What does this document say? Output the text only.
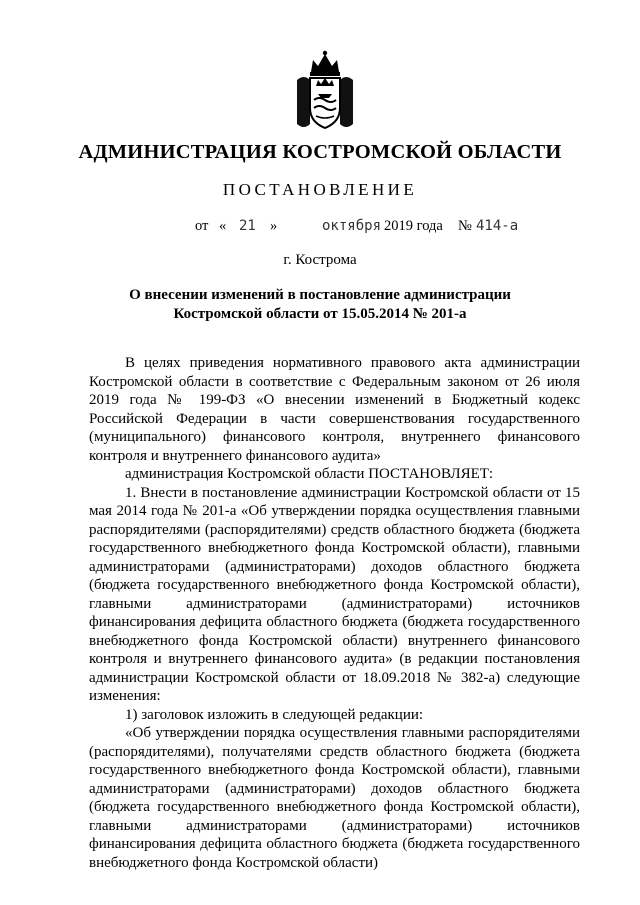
АДМИНИСТРАЦИЯ КОСТРОМСКОЙ ОБЛАСТИ
ПОСТАНОВЛЕНИЕ
от « 21 »	октября 2019 года № 414-а
г. Кострома
О внесении изменений в постановление администрации
Костромской области от 15.05.2014 № 201-а

В целях приведения нормативного правового акта администрации Костромской области в соответствие с Федеральным законом от 26 июля 2019 года № 199-ФЗ «О внесении изменений в Бюджетный кодекс Российской Федерации в части совершенствования государственного (муниципального) финансового контроля, внутреннего финансового контроля и внутреннего финансового аудита»

администрация Костромской области ПОСТАНОВЛЯЕТ:

1. Внести в постановление администрации Костромской области от 15 мая 2014 года № 201-а «Об утверждении порядка осуществления главными распорядителями (распорядителями) средств областного бюджета (бюджета государственного внебюджетного фонда Костромской области), главными администраторами (администраторами) доходов областного бюджета (бюджета государственного внебюджетного фонда Костромской области), главными администраторами (администраторами) источников финансирования дефицита областного бюджета (бюджета государственного внебюджетного фонда Костромской области) внутреннего финансового контроля и внутреннего финансового аудита» (в редакции постановления администрации Костромской области от 18.09.2018 № 382-а) следующие изменения:

1) заголовок изложить в следующей редакции:

«Об утверждении порядка осуществления главными распорядителями (распорядителями), получателями средств областного бюджета (бюджета государственного внебюджетного фонда Костромской области), главными администраторами (администраторами) доходов областного бюджета (бюджета государственного внебюджетного фонда Костромской области), главными администраторами (администраторами) источников финансирования дефицита областного бюджета (бюджета государственного внебюджетного фонда Костромской области)
